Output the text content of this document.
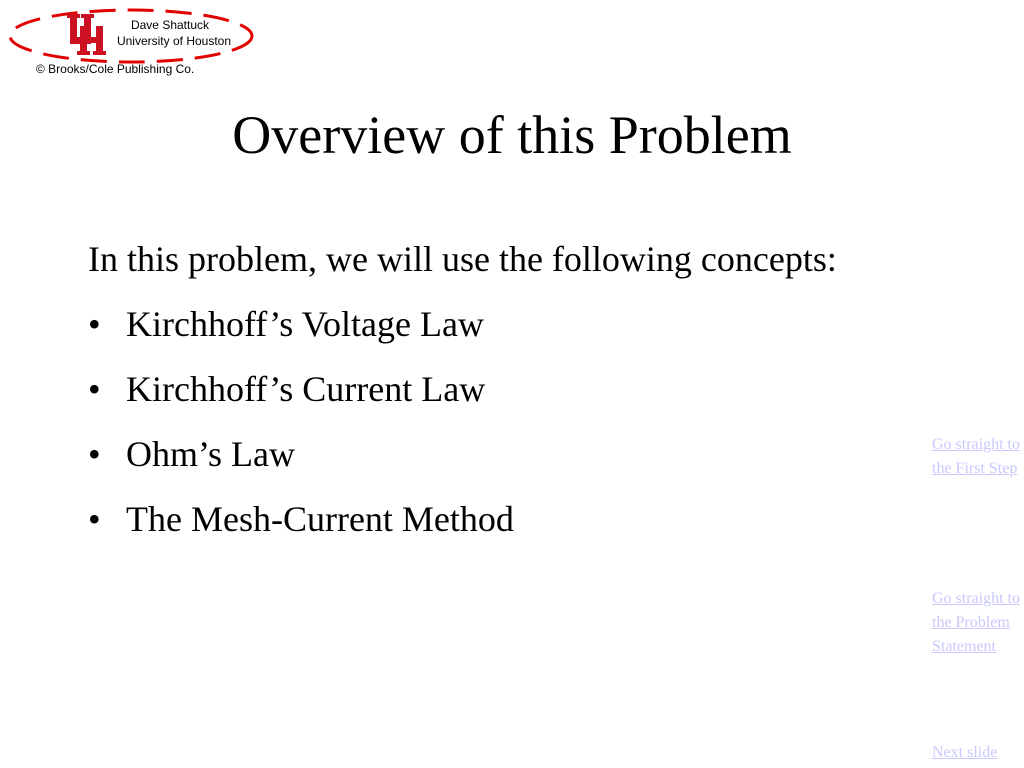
Dave Shattuck
University of Houston
© Brooks/Cole Publishing Co.
Overview of this Problem

In this problem, we will use the following concepts:

• Kirchhoff’s Voltage Law
• Kirchhoff’s Current Law
• Ohm’s Law
• The Mesh-Current Method
Go straight to the First Step
Go straight to the Problem Statement
Next slide
